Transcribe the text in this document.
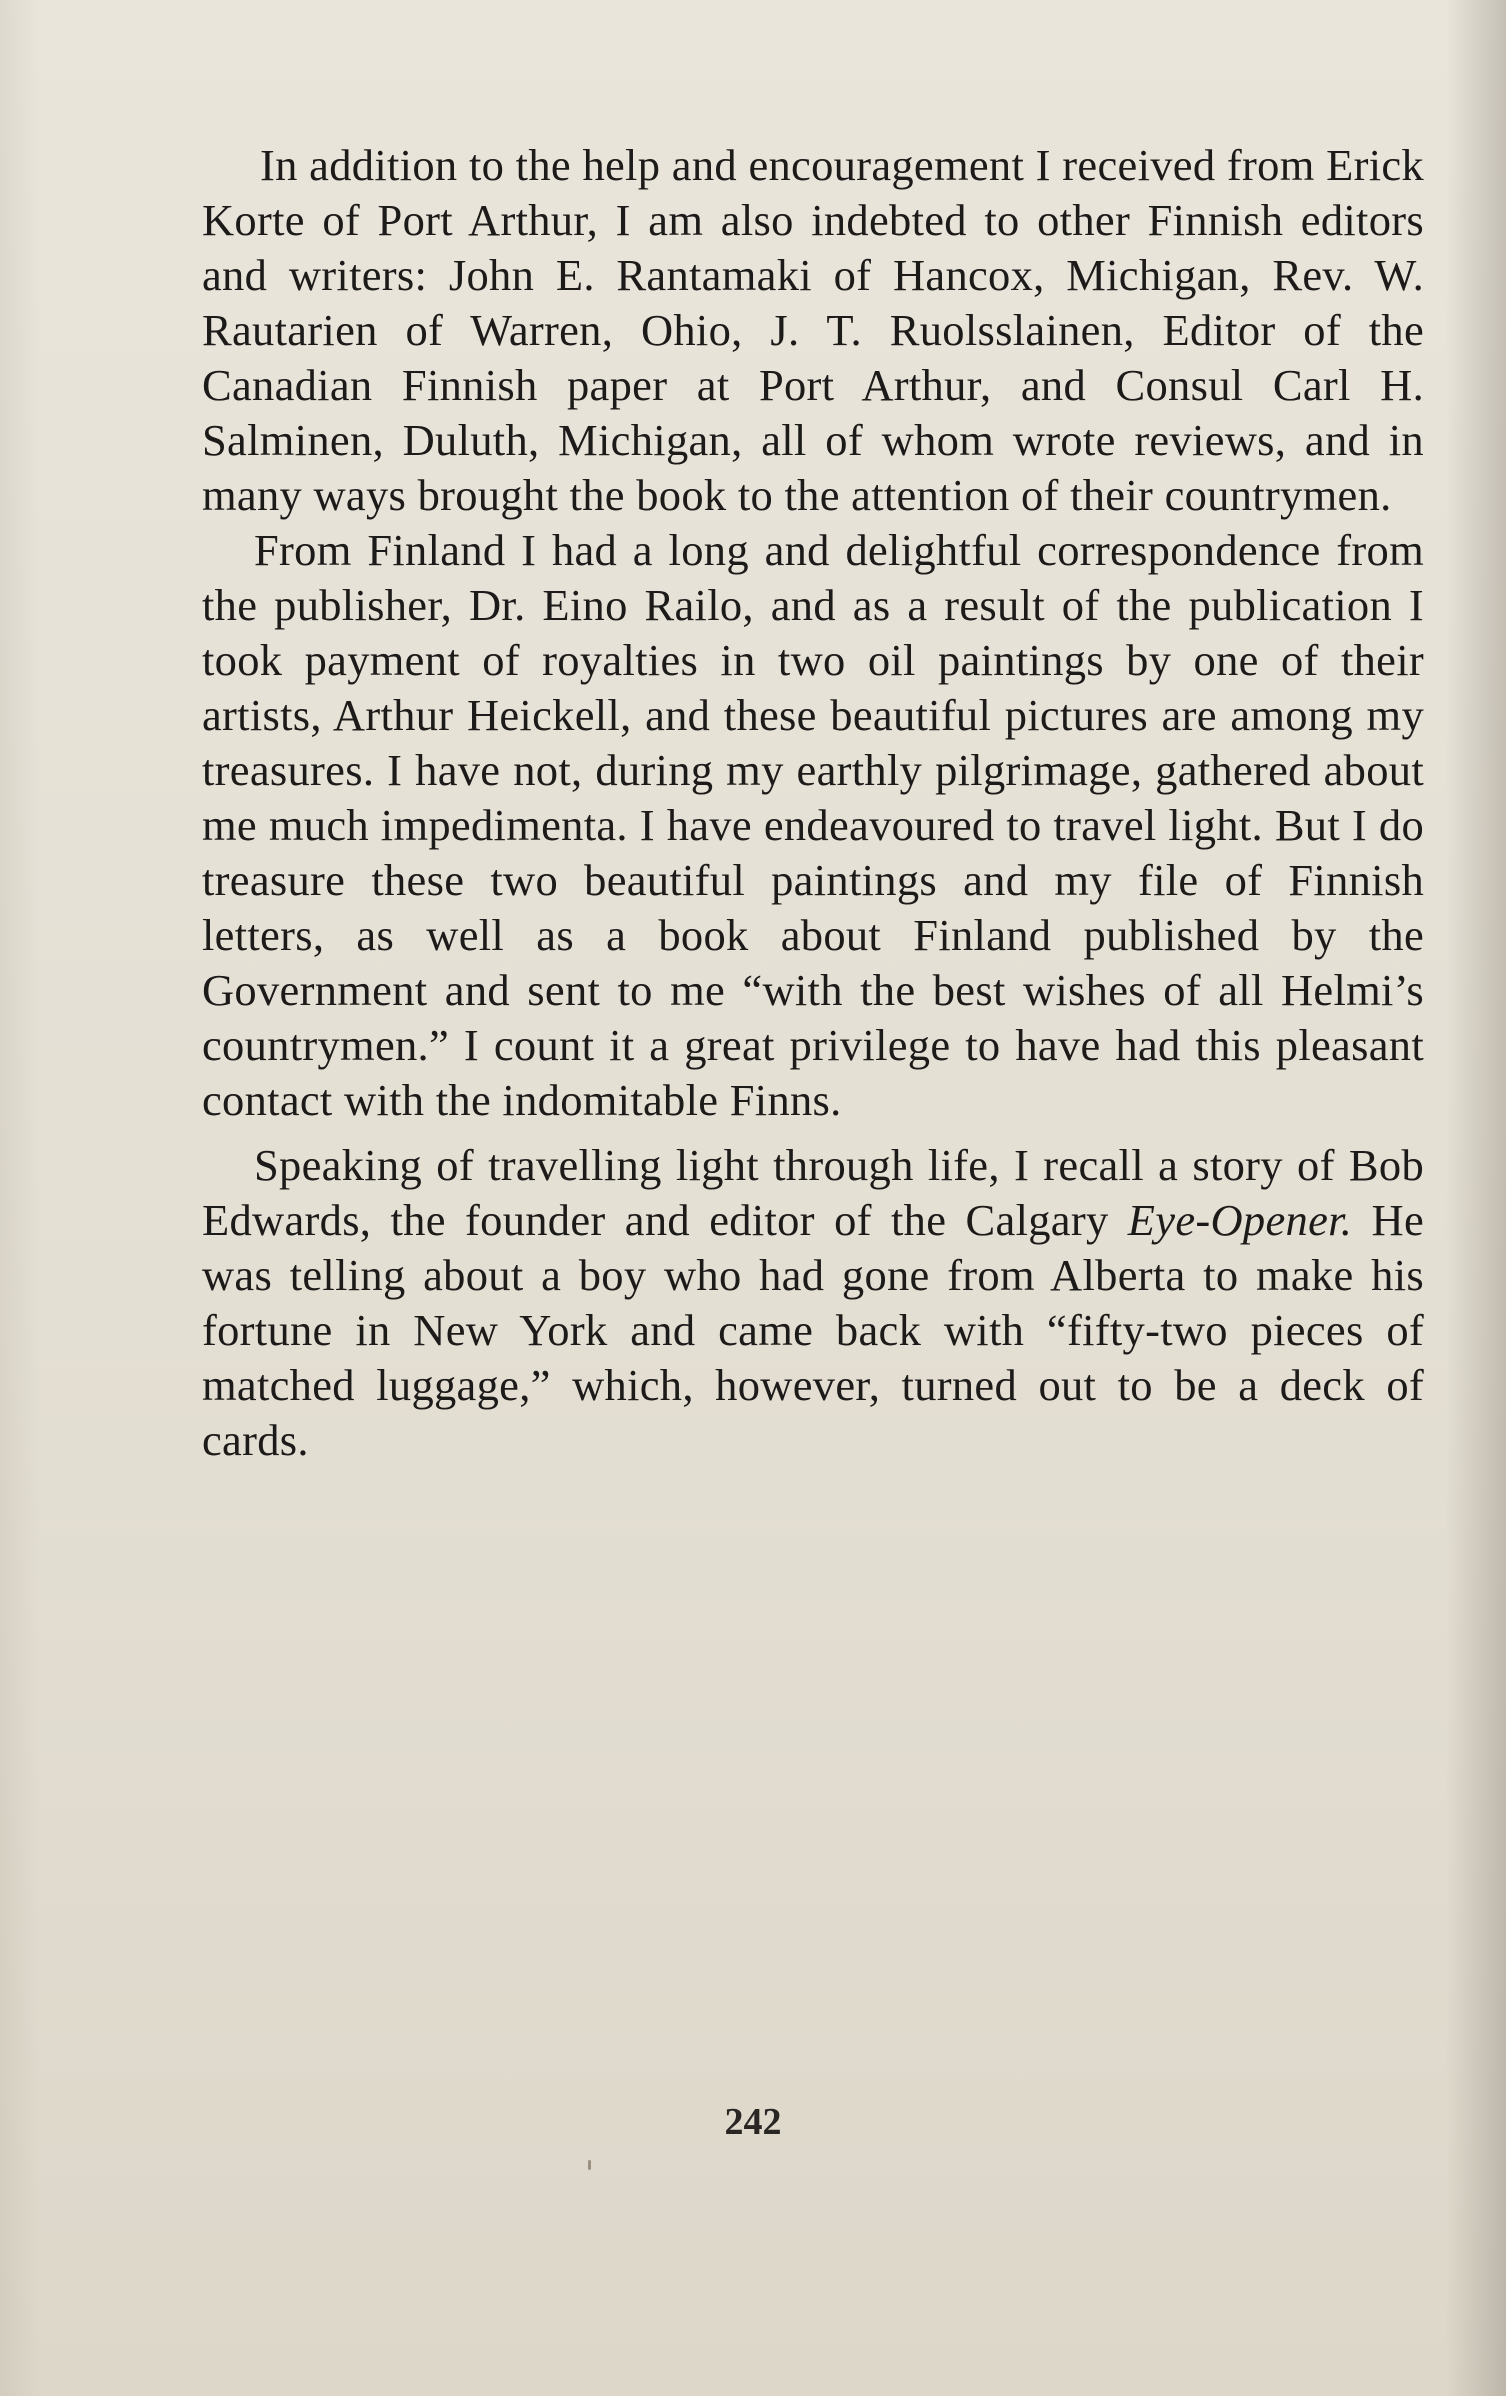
In addition to the help and encouragement I received from Erick Korte of Port Arthur, I am also indebted to other Finnish editors and writers: John E. Rantamaki of Hancox, Michigan, Rev. W. Rautarien of Warren, Ohio, J. T. Ruolsslainen, Editor of the Canadian Finnish paper at Port Arthur, and Consul Carl H. Salminen, Duluth, Michigan, all of whom wrote reviews, and in many ways brought the book to the attention of their countrymen.

From Finland I had a long and delightful correspondence from the publisher, Dr. Eino Railo, and as a result of the publication I took payment of royalties in two oil paintings by one of their artists, Arthur Heickell, and these beautiful pictures are among my treasures. I have not, during my earthly pilgrimage, gathered about me much impedimenta. I have endeavoured to travel light. But I do treasure these two beautiful paintings and my file of Finnish letters, as well as a book about Finland published by the Government and sent to me “with the best wishes of all Helmi’s countrymen.” I count it a great privilege to have had this pleasant contact with the indomitable Finns.

Speaking of travelling light through life, I recall a story of Bob Edwards, the founder and editor of the Calgary Eye-Opener. He was telling about a boy who had gone from Alberta to make his fortune in New York and came back with “fifty-two pieces of matched luggage,” which, however, turned out to be a deck of cards.

242
